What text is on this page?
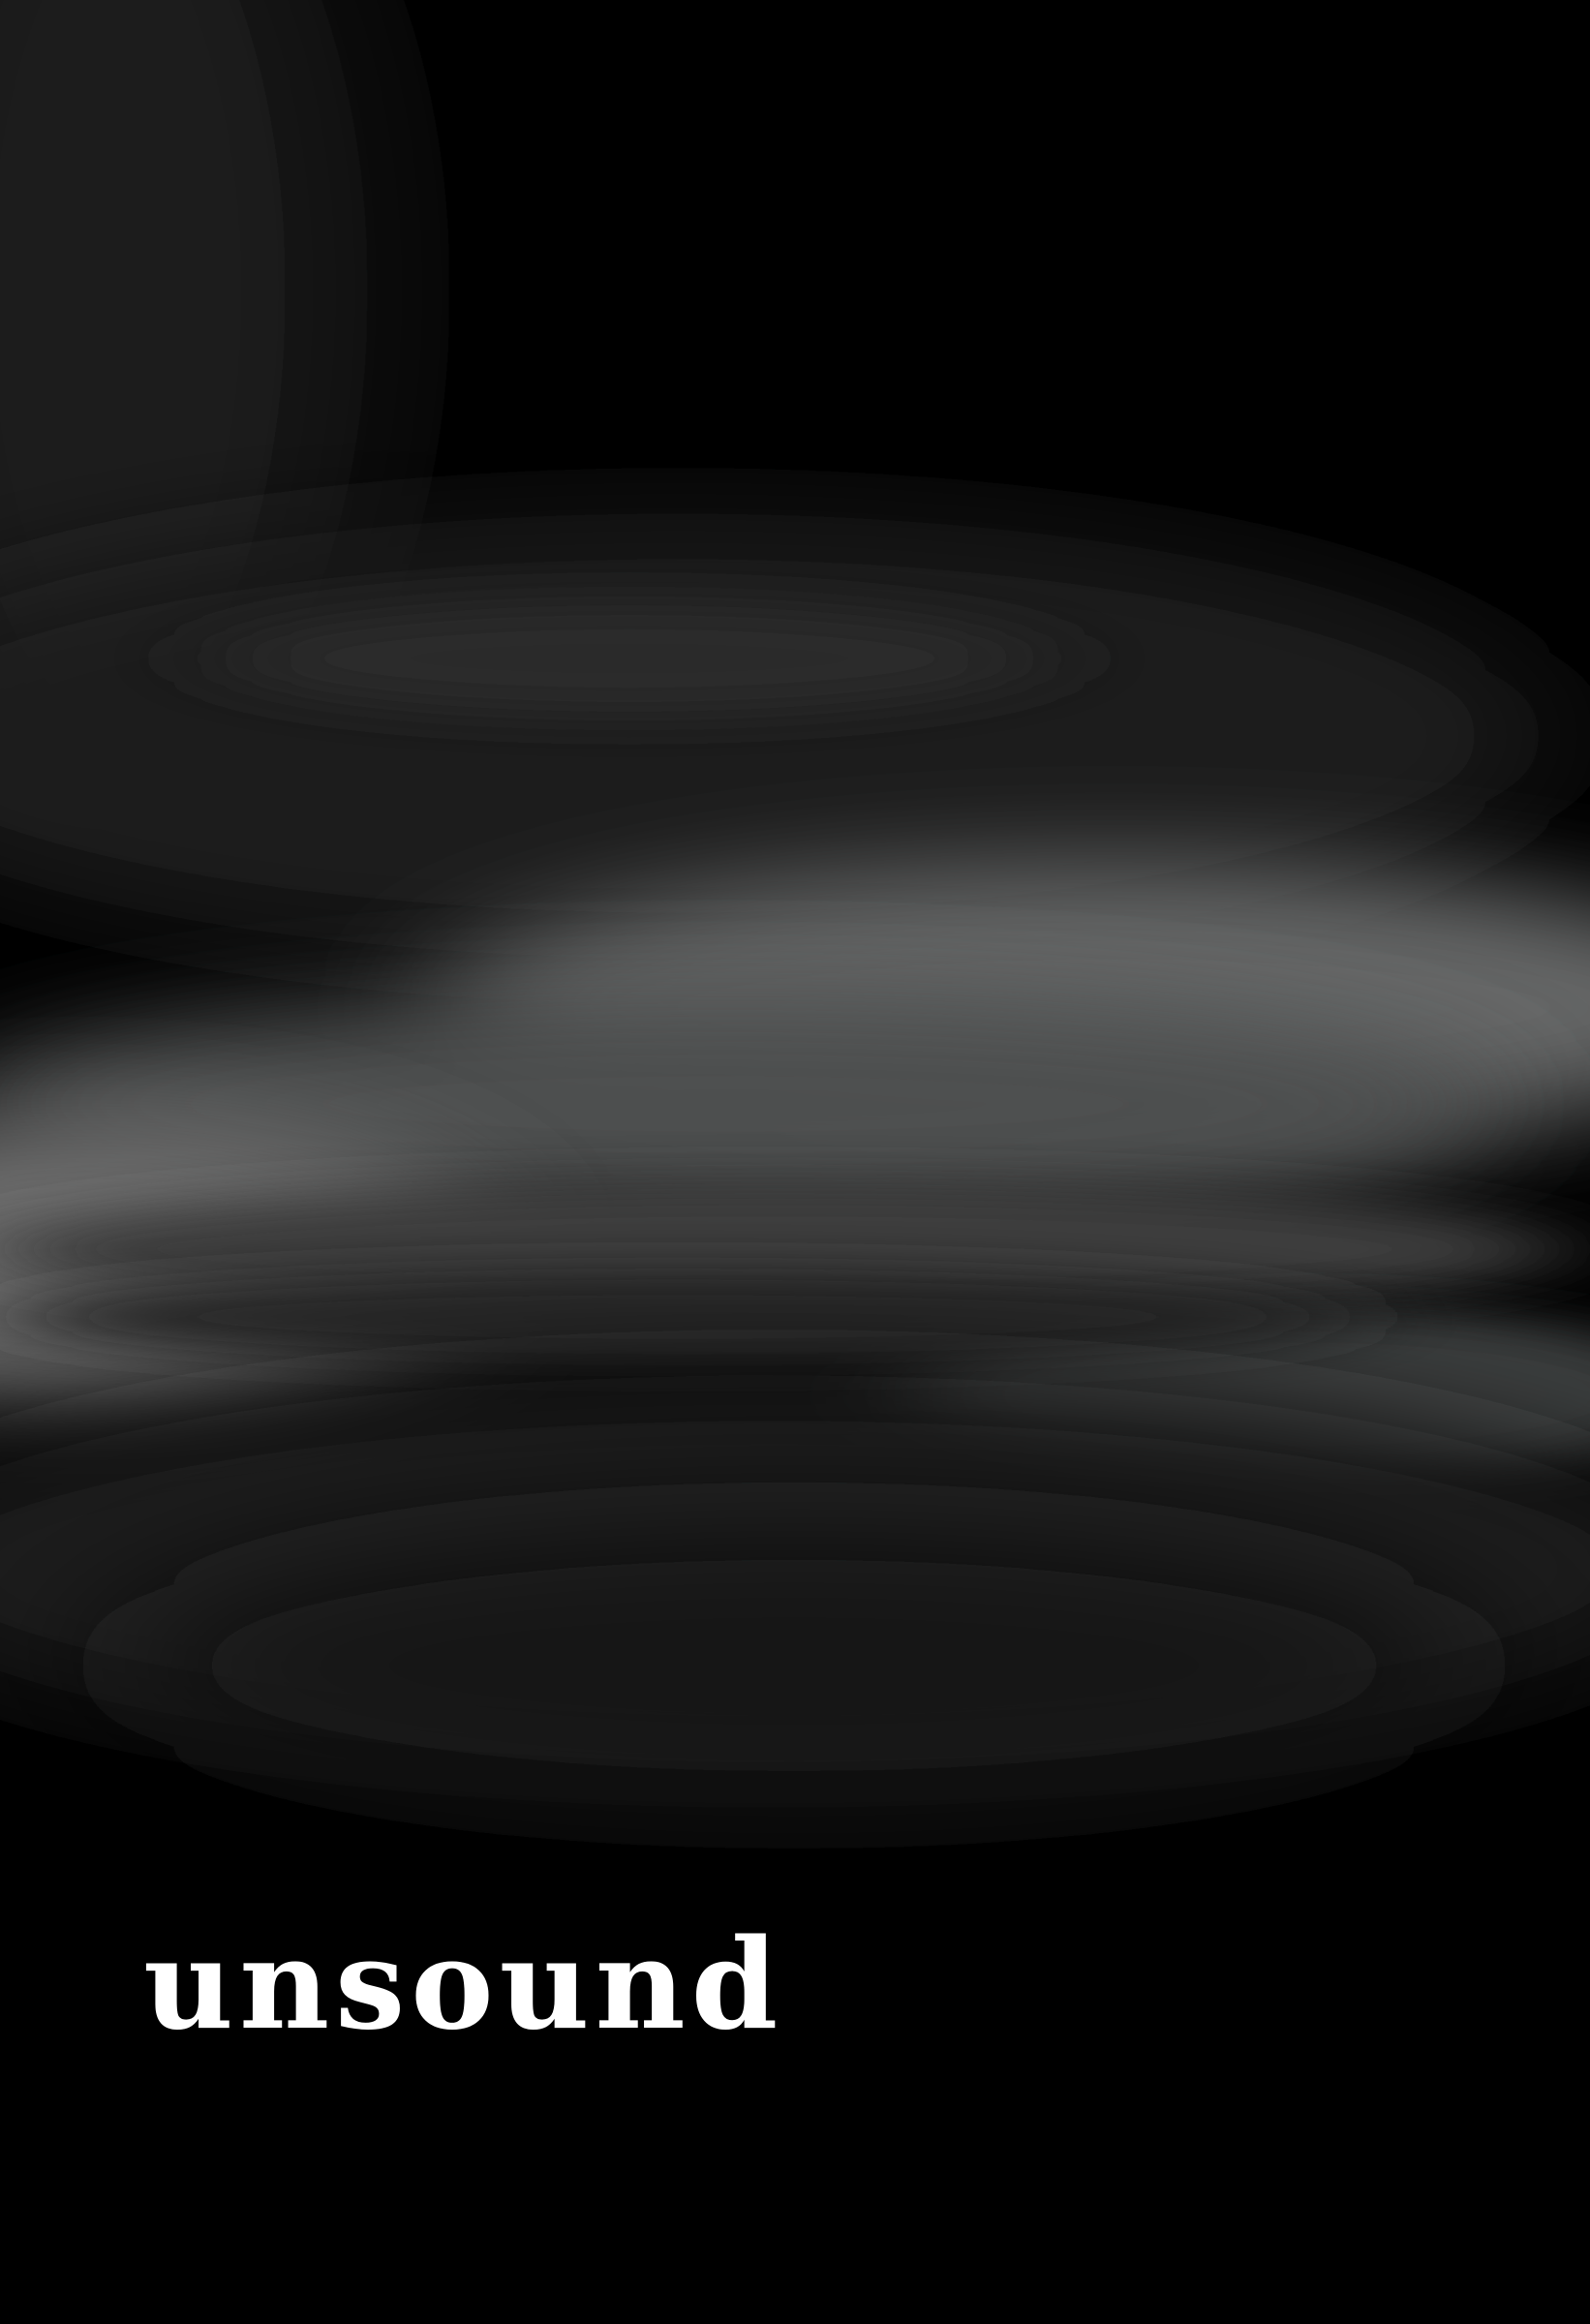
unsound
